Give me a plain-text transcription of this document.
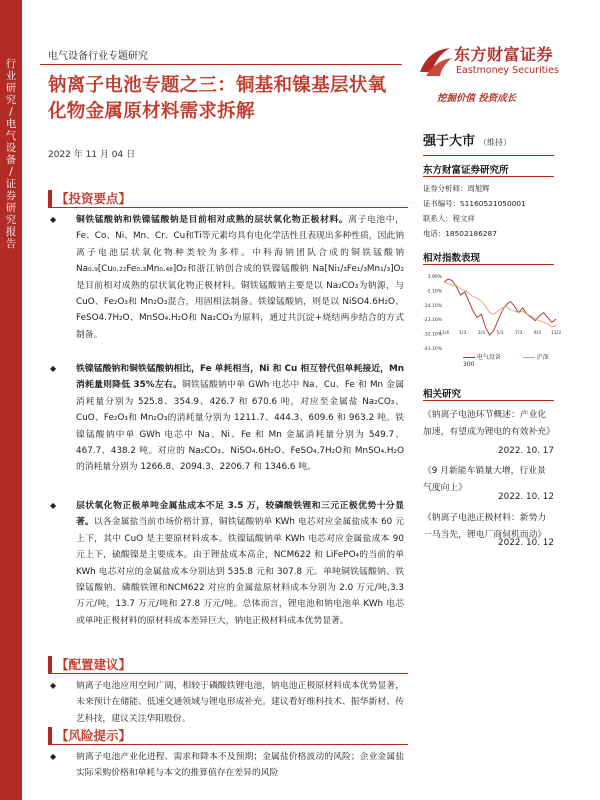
行业研究 / 电气设备 / 证券研究报告
电气设备行业专题研究
钠离子电池专题之三：铜基和镍基层状氧化物金属原材料需求拆解
2022 年 11 月 04 日
【投资要点】
◆ 铜铁锰酸钠和铁镍锰酸钠是目前相对成熟的层状氧化物正极材料。离子电池中， Fe、Co、Ni、Mn、Cr、Cu和Ti等元素均具有电化学活性且表现出多种性质，因此钠离子电池层状氧化物种类较为多样。中科海钠团队合成的铜铁锰酸钠 Na₀.₉[Cu₀.₂₂Fe₀.₃Mn₀.₄₈]O₂和浙江钠创合成的铁镍锰酸钠 Na[Ni₁/₃Fe₁/₃Mn₁/₃]O₂是目前相对成熟的层状氧化物正极材料。铜铁锰酸钠主要是以 Na₂CO₃为钠源，与 CuO、Fe₂O₃和 Mn₂O₃混合，用固相法制备。铁镍锰酸钠，则是以 NiSO4.6H₂O、FeSO4.7H₂O、MnSO₄.H₂O和 Na₂CO₃为原料，通过共沉淀+烧结两步结合的方式制备。
◆ 铁镍锰酸钠和铜铁锰酸钠相比，Fe 单耗相当，Ni 和 Cu 相互替代但单耗接近，Mn 消耗量则降低 35%左右。铜铁锰酸钠中单 GWh 电芯中 Na、Cu、Fe 和 Mn 金属消耗量分别为 525.8、354.9、426.7 和 670.6 吨，对应至金属盐 Na₂CO₃、CuO、Fe₂O₃和 Mn₂O₃的消耗量分别为 1211.7、444.3、609.6 和 963.2 吨。铁镍锰酸钠中单 GWh 电芯中 Na、Ni、Fe 和 Mn 金属消耗量分别为 549.7、467.7、438.2 吨。对应的 Na₂CO₃、NiSO₄.6H₂O、FeSO₄.7H₂O和 MnSO₄.H₂O的消耗量分别为 1266.8、2094.3、2206.7 和 1346.6 吨。
◆ 层状氧化物正极单吨金属盐成本不足 3.5 万，较磷酸铁锂和三元正极优势十分显著。以各金属盐当前市场价格计算，铜铁锰酸钠单 KWh 电芯对应金属盐成本 60 元上下，其中 CuO 是主要原材料成本。铁镍锰酸钠单 KWh 电芯对应金属盐成本 90 元上下，硫酸镍是主要成本。由于锂盐成本高企，NCM622 和 LiFePO₄的当前的单 KWh 电芯对应的金属盐成本分别达到 535.8 元和 307.8 元。单吨铜铁锰酸钠、铁镍锰酸钠、磷酸铁锂和NCM622 对应的金属盐原材料成本分别为 2.0 万元/吨,3.3 万元/吨，13.7 万元/吨和 27.8 万元/吨。总体而言，锂电池和钠电池单 KWh 电芯或单吨正极材料的原材料成本差异巨大，钠电正极材料成本优势显著。
【配置建议】
◆ 钠离子电池应用空间广阔，相较于磷酸铁锂电池，钠电池正极原材料成本优势显著，未来预计在储能、低速交通领域与锂电形成补充。建议看好维科技术、振华新材、传艺科技，建议关注华阳股份。
【风险提示】
◆ 钠离子电池产业化进程、需求和降本不及预期；金属盐价格波动的风险；企业金属盐实际采购价格和单耗与本文的推算值存在差异的风险
东方财富证券
Eastmoney Securities
挖掘价值 投资成长
强于大市 （维持）
东方财富证券研究所
证券分析师：周旭辉
证书编号：S1160521050001
联系人：程文祥
电话：18502186287
相对指数表现
3.90%
-5.10%
-14.10%
-23.10%
-32.10%
-41.10%
11/4 1/3	3/3	5/3	7/3	9/3 11/3
电气设备	沪深300
相关研究
《钠离子电池环节概述：产业化加速，有望成为锂电的有效补充》
2022. 10. 17
《9 月新能车销量大增，行业景气度向上》
2022. 10. 12
《钠离子电池正极材料：新势力一马当先，锂电厂商伺机而动》
2022. 10. 12
